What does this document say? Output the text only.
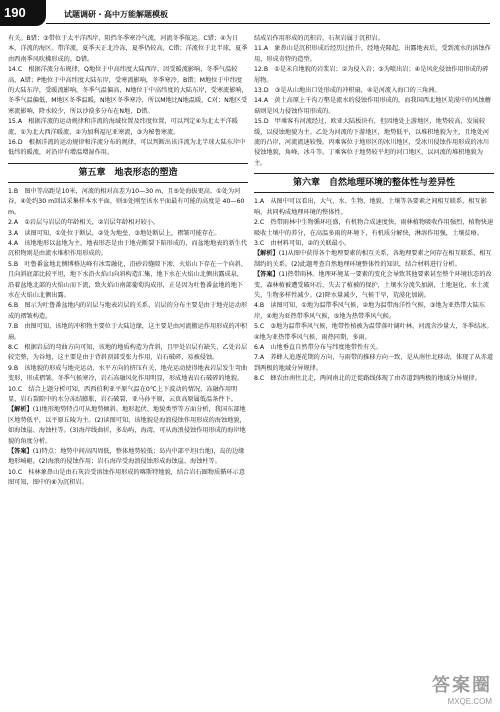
190	试题调研・高中万能解题模板

有关。B错；③带位于太平洋西岸，阻挡冬季寒冷气流，河流冬季航运。C错；④为日本，洋流的海区。带洋流，夏季天正北冷冻，夏季仍较高，C错；洋流位于北半球，夏季由西南季风吹拂形成的。D错。

14.C　根据洋流分布规律，Q地位于中高纬度大陆西岸，因受暖流影响，冬季气温较高，A错；P地位于中高纬度大陆东岸，受寒流影响，冬季寒冷，B错；M地位于中纬度的大陆东岸，受暖流影响，冬季气温偏高，N地位于中高纬度的大陆东岸，受寒流影响，冬季气温偏低，M地区冬季温暖，N地区冬季寒冷，所以M地比N地温暖，C对；N地区受寒流影响，降水较少，所以沙漠多分布在N地，D错。

15.A　根据洋流的运动规律和洋流的海域位置及纬度位置，可以判定④为北太平洋暖流，①为北大西洋暖流，②为加利福尼亚寒流，③为秘鲁寒流。

16.D　根据洋流的运动规律和洋流分布的规律，可以判断出该洋流为北半球大陆东岸中低纬的暖流，对沿岸有增温增湿作用。

第五章　地表形态的塑造

1.B　图中等高距是10米，河流的相对高差为10—30 m，且⑤处海拔更高，①处为河谷，④处约30 m回话采集样本水平面，则⑤处刚至该水平面最有可能的高度是 40—60 m。

2.A　①岩层与岩层的年龄相关，②岩层年龄相对较小。

3.A　读图可知，①处位于断层，②处为地垒，③地处断层上，褶皱可能存在。

4.A　该地地形以盆地为主，地表形态是由于地壳断裂下陷形成的，而盆地地表的新生代沉积物则是由流水堆积作用形成的。

5.B　吐鲁番盆地北侧博格达峰有冰雪融化，沿砂岩缝隙下渗，火焰山下存在一个向斜，且向斜底部比较平坦，地下水沿火焰山向斜构造汇集，地下水在火焰山北侧出露成泉，沿着盆地北部的火焰山而下流，致火焰山南部葡萄沟成形，正是因为吐鲁番盆地的地下水在火焰山北侧出露。

6.B　图示为吐鲁番盆地内的岩层与地表岩层的关系，岩层的分布主要是由于地壳运动形成的褶皱构造。

7.B　由图可知，该地的冲积物主要位于大陆边缘，这主要是由河流搬运作用形成的冲积扇。

8.C　根据岩层的弯曲方向可知，该地的地质构造为背斜，且甲处岩层有缺失，乙处岩层较完整，为谷地，这主要是由于背斜顶部受张力作用，岩石破碎，易被侵蚀。

9.B　该地貌的形成与地壳运动、水平方向的挤压有关，地壳运动使得地表岩层发生弯曲变形，形成褶皱。冬季气候寒冷，岩石冻融风化作用明显，形成地表岩石破碎的地貌。

10.C　结合上题分析可知，西西伯利亚平原气温在0℃上下波动的情况，冻融作用明显，岩石裂隙中的水分冻结膨胀，岩石破裂，亚马孙平原，云贵高原属低温条件下。

【解析】(1)地形地势特点可从地势倾斜、地形起伏、地貌类型等方面分析，我国东部地区地势低平，以平原丘陵为主。(2)读图可知，该地貌是海浪侵蚀作用形成的海蚀地貌，如海蚀崖、海蚀柱等。(3)海岸线曲折，多岛屿，海湾，可从海浪侵蚀作用形成的海岸地貌的角度分析。

【答案】(1)特点：地势中间高四周低，整体地势较低；岛内中部平坦(台地)，岛的边缘地形崎岖。(2)海浪的侵蚀作用；岩石海岸受海浪侵蚀形成海蚀崖、海蚀柱等。

10.C　桂林象鼻山是由石灰岩受溶蚀作用形成的喀斯特地貌，结合岩石圈物质循环示意图可知，图中的⑥为沉积岩。

结成岩作用形成的沉积岩，石灰岩属于沉积岩。

11.A　象鼻山是沉积形成后经历过抬升，经地壳隆起，出露地表后，受到流水的溶蚀作用，形成奇特的造型。

12.B　①是未自地貌的岩浆岩；②为侵入岩；③为喷出岩；④是风化侵蚀作用形成的碎屑物。

13.D　③是从山地出口处形成的冲积扇，④是河流入海口的三角洲。

14.A　黄土高原上千沟万壑是流水的侵蚀作用形成的，而我国西北地区荒漠中的风蚀蘑菇则是风力侵蚀作用形成的。

15.D　甲乘客有河流经过，欧亚大陆板块有，但因地处上游地区，地势较高，发展较缓，以侵蚀地貌为主。乙处为河流的下游地区，地势低平，以堆积地貌为主，且地处河流的凸岸，河流流速较慢。丙乘客位于地形区的冰川地区，受冰川侵蚀作用形成的冰川侵蚀地貌，角峰、冰斗等。丁乘客位于地势较平坦的河口地区，以河流的堆积地貌为主。

第六章　自然地理环境的整体性与差异性

1.A　从图中可以看出，大气、水、生物、地貌、土壤等各要素之间相互联系、相互影响，共同构成地理环境的整体性。

2.C　热带雨林中生物循环旺盛，有机物合成速度快，雨林植物吸收作用强烈，植物快速吸收土壤中的养分，在高温多雨的环境下，有机质分解快，淋溶作用强，土壤贫瘠。

3.C　由材料可知，②的关联最小。

【解析】(1)从图中获得各个地理要素的相互关系，各地理要素之间存在相互联系、相互制约的关系。(2)此题考查自然地理环境整体性的知识，结合材料进行分析。

【答案】(1)热带雨林。地理环境某一要素的变化会导致其他要素甚至整个环境状态的改变，森林植被遭受破坏后，失去了植被的保护，土壤水分流失加剧，土地退化，水土流失，生物多样性减少。(2)降水量减少，气候干旱，荒漠化加剧。

4.B　读图可知，①地为温带季风气候，②地为温带海洋性气候，③地为亚热带大陆东岸，④地为亚热带季风气候，⑤地为热带季风气候。

5.C　③地为温带季风气候，地带性植被为温带落叶阔叶林，河流含沙量大，冬季结冰。④地为亚热带季风气候，雨热同期，多雨。

6.A　山地垂直自然带分布与纬度地带性有关。

7.A　养蜂人追逐花期的方向，与雨带的推移方向一致，是从南往北移动，体现了从赤道到两极的地域分异规律。

8.C　蜂农由南往北走，两间南北的迁徙路线体现了由赤道到两极的地域分异规律。

答案圈
MXQE.COM
